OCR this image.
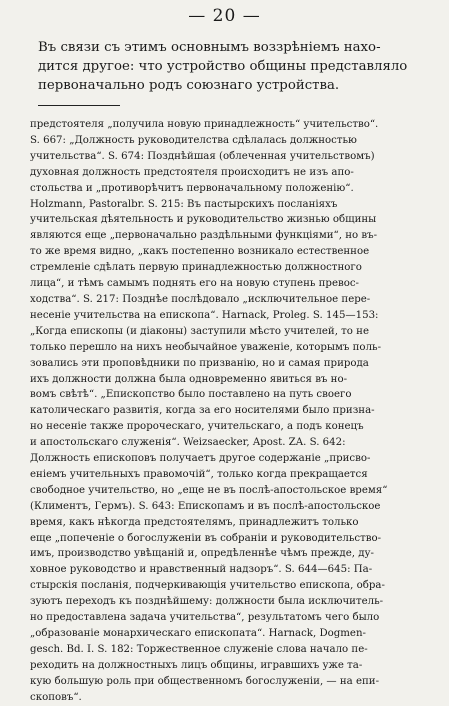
— 20 —
Въ связи съ этимъ основнымъ воззрѣніемъ нахо-
дится другое: что устройство общины представляло
первоначально родъ союзнаго устройства.
предстоятеля „получила новую принадлежность“ учительство“.
S. 667: „Должность руководителства сдѣлалась должностью
учительства“. S. 674: Позднѣйшая (облеченная учительствомъ)
духовная должность предстоятеля происходитъ не изъ апо-
стольства и „противорѣчитъ первоначальному положенію“.
Holzmann, Pastoralbr. S. 215: Въ пастырскихъ посланіяхъ
учительская дѣятельность и руководительство жизнью общины
являются еще „первоначально раздѣльными функціями“, но въ-
то же время видно, „какъ постепенно возникало естественное
стремленіе сдѣлать первую принадлежностью должностного
лица“, и тѣмъ самымъ поднять его на новую ступень превос-
ходства“. S. 217: Позднѣе послѣдовало „исключительное пере-
несеніе учительства на епископа“. Harnack, Proleg. S. 145—153:
„Когда епископы (и діаконы) заступили мѣсто учителей, то не
только перешло на нихъ необычайное уваженіе, которымъ поль-
зовались эти проповѣдники по призванію, но и самая природа
ихъ должности должна была одновременно явиться въ но-
вомъ свѣтѣ“. „Епископство было поставлено на путь своего
католическаго развитія, когда за его носителями было призна-
но несеніе также пророческаго, учительскаго, а подъ конецъ
и апостольскаго служенія“. Weizsaecker, Apost. ZA. S. 642:
Должность епископовъ получаетъ другое содержаніе „присво-
еніемъ учительныхъ правомочій“, только когда прекращается
свободное учительство, но „еще не въ послѣ-апостольское время“
(Климентъ, Гермъ). S. 643: Епископамъ и въ послѣ-апостольское
время, какъ нѣкогда предстоятелямъ, принадлежитъ только
еще „попеченіе о богослуженіи въ собраніи и руководительство-
имъ, производство увѣщаній и, опредѣленнѣе чѣмъ прежде, ду-
ховное руководство и нравственный надзоръ“. S. 644—645: Па-
стырскія посланія, подчеркивающія учительство епископа, обра-
зуютъ переходъ къ позднѣйшему: должности была исключитель-
но предоставлена задача учительства“, результатомъ чего было
„образованіе монархическаго епископата“. Harnack, Dogmen-
gesch. Bd. I. S. 182: Торжественное служеніе слова начало пе-
реходить на должностныхъ лицъ общины, игравшихъ уже та-
кую большую роль при общественномъ богослуженіи, — на епи-
скоповъ“.
